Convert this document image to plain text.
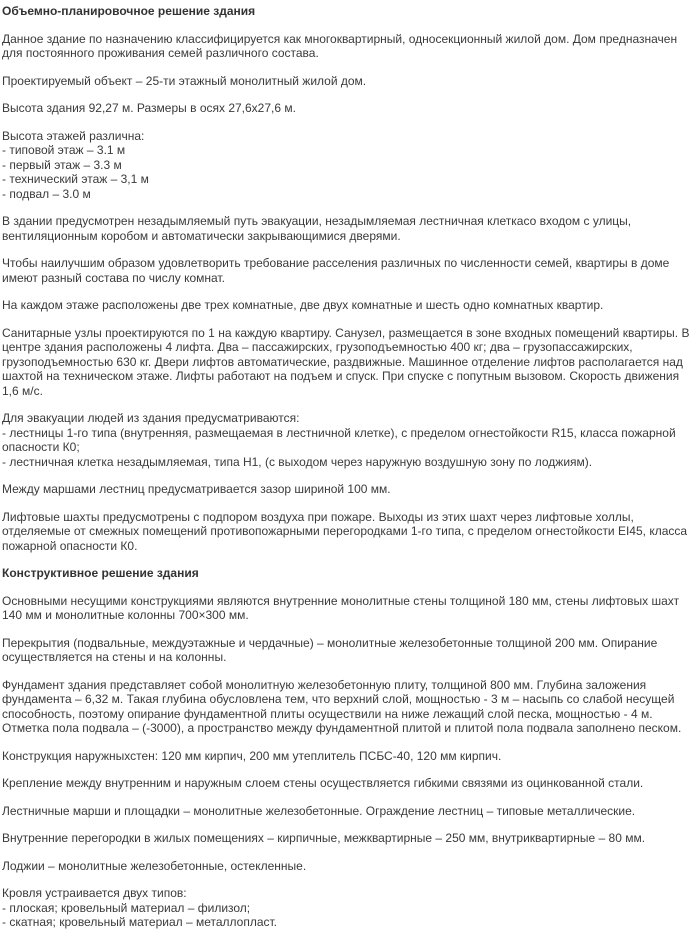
Объемно-планировочное решение здания

Данное здание по назначению классифицируется как многоквартирный, односекционный жилой дом. Дом предназначен для постоянного проживания семей различного состава.

Проектируемый объект – 25-ти этажный монолитный жилой дом.

Высота здания 92,27 м. Размеры в осях 27,6х27,6 м.

Высота этажей различна:
- типовой этаж – 3.1 м
- первый этаж – 3.3 м
- технический этаж – 3,1 м
- подвал – 3.0 м

В здании предусмотрен незадымляемый путь эвакуации, незадымляемая лестничная клеткасо входом с улицы, вентиляционным коробом и автоматически закрывающимися дверями.

Чтобы наилучшим образом удовлетворить требование расселения различных по численности семей, квартиры в доме имеют разный состава по числу комнат.

На каждом этаже расположены две трех комнатные, две двух комнатные и шесть одно комнатных квартир.

Санитарные узлы проектируются по 1 на каждую квартиру. Санузел, размещается в зоне входных помещений квартиры. В центре здания расположены 4 лифта. Два – пассажирских, грузоподъемностью 400 кг; два – грузопассажирских, грузоподъемностью 630 кг. Двери лифтов автоматические, раздвижные. Машинное отделение лифтов располагается над шахтой на техническом этаже. Лифты работают на подъем и спуск. При спуске с попутным вызовом. Скорость движения 1,6 м/с.

Для эвакуации людей из здания предусматриваются:
- лестницы 1-го типа (внутренняя, размещаемая в лестничной клетке), с пределом огнестойкости R15, класса пожарной опасности К0;
- лестничная клетка незадымляемая, типа Н1, (с выходом через наружную воздушную зону по лоджиям).

Между маршами лестниц предусматривается зазор шириной 100 мм.

Лифтовые шахты предусмотрены с подпором воздуха при пожаре. Выходы из этих шахт через лифтовые холлы, отделяемые от смежных помещений противопожарными перегородками 1-го типа, с пределом огнестойкости EI45, класса пожарной опасности К0.

Конструктивное решение здания

Основными несущими конструкциями являются внутренние монолитные стены толщиной 180 мм, стены лифтовых шахт 140 мм и монолитные колонны 700×300 мм.

Перекрытия (подвальные, междуэтажные и чердачные) – монолитные железобетонные толщиной 200 мм. Опирание осуществляется на стены и на колонны.

Фундамент здания представляет собой монолитную железобетонную плиту, толщиной 800 мм. Глубина заложения фундамента – 6,32 м. Такая глубина обусловлена тем, что верхний слой, мощностью - 3 м – насыпь со слабой несущей способность, поэтому опирание фундаментной плиты осуществили на ниже лежащий слой песка, мощностью - 4 м. Отметка пола подвала – (-3000), а пространство между фундаментной плитой и плитой пола подвала заполнено песком.

Конструкция наружныхстен: 120 мм кирпич, 200 мм утеплитель ПСБС-40, 120 мм кирпич.

Крепление между внутренним и наружным слоем стены осуществляется гибкими связями из оцинкованной стали.

Лестничные марши и площадки – монолитные железобетонные. Ограждение лестниц – типовые металлические.

Внутренние перегородки в жилых помещениях – кирпичные, межквартирные – 250 мм, внутриквартирные – 80 мм.

Лоджии – монолитные железобетонные, остекленные.

Кровля устраивается двух типов:
- плоская; кровельный материал – филизол;
- скатная; кровельный материал – металлопласт.
